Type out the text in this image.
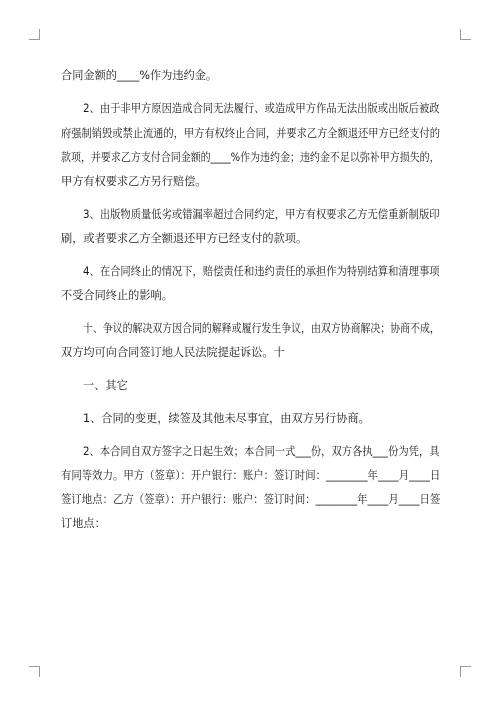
合同金额的____%作为违约金。
2、由于非甲方原因造成合同无法履行、或造成甲方作品无法出版或出版后被政
府强制销毁或禁止流通的，甲方有权终止合同，并要求乙方全额退还甲方已经支付的
款项，并要求乙方支付合同金额的____%作为违约金；违约金不足以弥补甲方损失的，
甲方有权要求乙方另行赔偿。
3、出版物质量低劣或错漏率超过合同约定，甲方有权要求乙方无偿重新制版印
刷，或者要求乙方全额退还甲方已经支付的款项。
4、在合同终止的情况下，赔偿责任和违约责任的承担作为特别结算和清理事项
不受合同终止的影响。
十、争议的解决双方因合同的解释或履行发生争议，由双方协商解决；协商不成，
双方均可向合同签订地人民法院提起诉讼。十
一、其它
1、合同的变更，续签及其他未尽事宜，由双方另行协商。
2、本合同自双方签字之日起生效；本合同一式___份，双方各执___份为凭，具
有同等效力。甲方（签章）：开户银行：账户：签订时间：________年____月____日
签订地点：乙方（签章）：开户银行：账户：签订时间：________年____月____日签
订地点：
